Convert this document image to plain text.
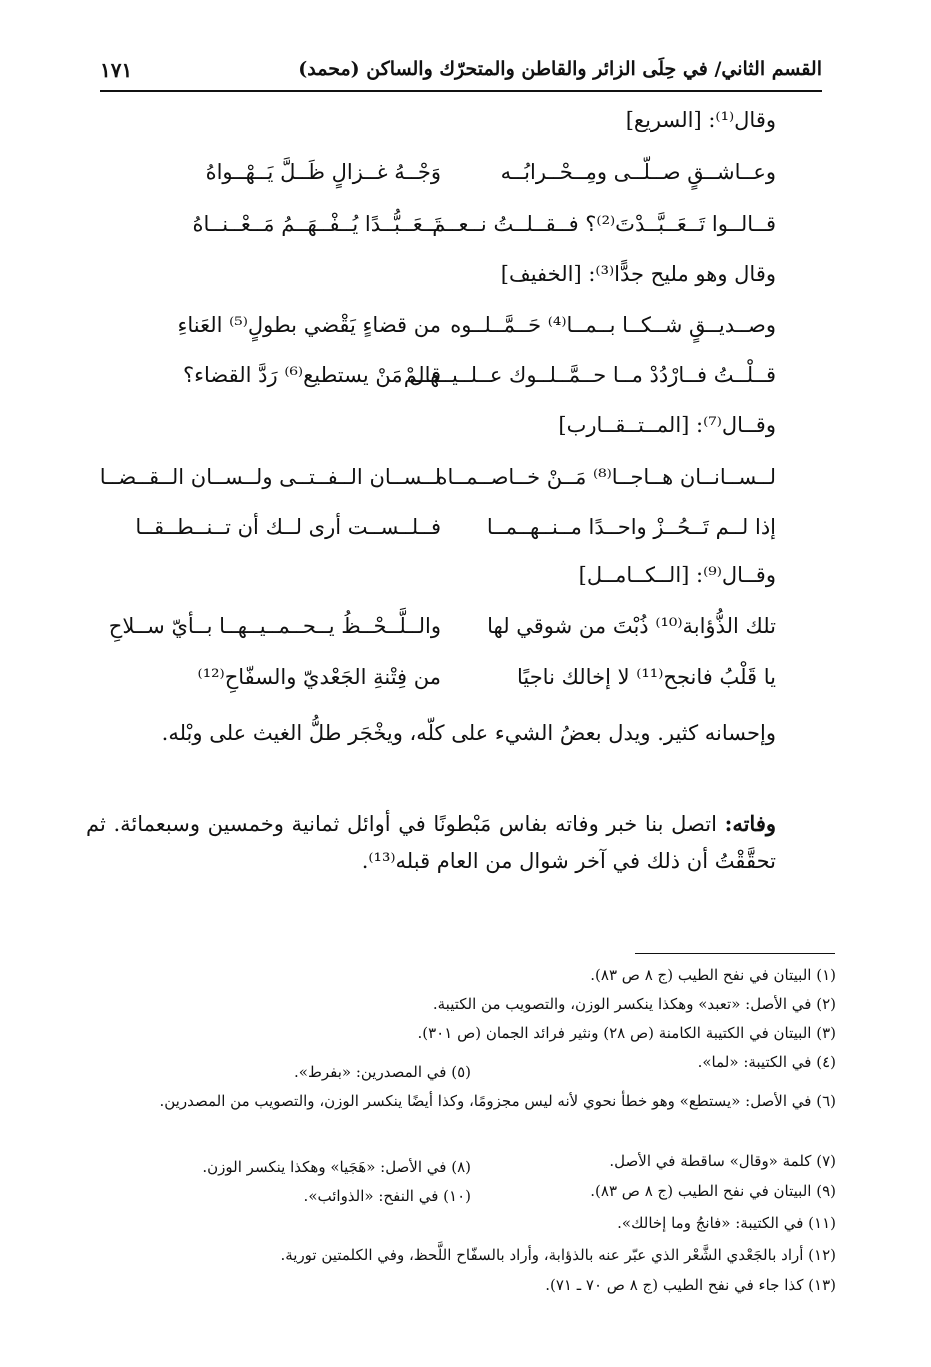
القسم الثاني/ في حِلَى الزائر والقاطن والمتحرّك والساكن (محمد)
١٧١
وقال⁽¹⁾: [السريع]
وعــاشــقٍ صــلّــى ومِــحْــرابُــه
وَجْــهُ غــزالٍ ظَــلَّ يَــهْــواهُ
قــالــوا تَــعَــبَّــدْتَ⁽²⁾؟ فــقــلــتُ نــعــم
تَــعَــبُّــدًا يُــفْــهَــمُ مَــعْــنــاهُ
وقال وهو مليح جدًّا⁽³⁾: [الخفيف]
وصــديــقٍ شــكــا بــمــا⁽⁴⁾ حَــمَّــلــوه
من قضاءٍ يَقْضي بطولٍ⁽⁵⁾ العَناءِ
قــلْــتُ فــارْدُدْ مــا حــمَّــلــوك عــلــيــهــمْ
قال مَنْ يستطيع⁽⁶⁾ رَدَّ القضاء؟
وقــال⁽⁷⁾: [المــتــقــارب]
لــســانــان هــاجــا⁽⁸⁾ مَــنْ خــاصــمــاه
لــســان الــفــتــى ولــســان الــقــضــا
إذا لــم تَــحُــزْ واحــدًا مــنــهــمــا
فــلــســت أرى لــك أن تــنــطــقــا
وقــال⁽⁹⁾: [الــكــامــل]
تلك الذُّؤابة⁽¹⁰⁾ ذُبْتَ من شوقي لها
والــلَّــحْــظُ يــحــمــيــهــا بــأيّ ســلاحِ
يا قَلْبُ فانجح⁽¹¹⁾ لا إخالك ناجيًا
من فِتْنةِ الجَعْديّ والسفّاحِ⁽¹²⁾
وإحسانه كثير. ويدل بعضُ الشيء على كلّه، ويخْجَر طلُّ الغيث على وبْله.
وفاته: اتصل بنا خبر وفاته بفاس مَبْطونًا في أوائل ثمانية وخمسين وسبعمائة. ثم تحقَّقْتُ أن ذلك في آخر شوال من العام قبله⁽¹³⁾.
(١) البيتان في نفح الطيب (ج ٨ ص ٨٣).
(٢) في الأصل: «تعبد» وهكذا ينكسر الوزن، والتصويب من الكتيبة.
(٣) البيتان في الكتيبة الكامنة (ص ٢٨) ونثير فرائد الجمان (ص ٣٠١).
(٤) في الكتيبة: «لما».
(٥) في المصدرين: «بفرط».
(٦) في الأصل: «يستطع» وهو خطأ نحوي لأنه ليس مجزومًا، وكذا أيضًا ينكسر الوزن، والتصويب من المصدرين.
(٧) كلمة «وقال» ساقطة في الأصل.
(٨) في الأصل: «هَجَيا» وهكذا ينكسر الوزن.
(٩) البيتان في نفح الطيب (ج ٨ ص ٨٣).
(١٠) في النفح: «الذوائب».
(١١) في الكتيبة: «فانجُ وما إخالك».
(١٢) أراد بالجَعْدي الشَّعْر الذي عبّر عنه بالذؤابة، وأراد بالسفّاح اللَّحظ، وفي الكلمتين تورية.
(١٣) كذا جاء في نفح الطيب (ج ٨ ص ٧٠ ـ ٧١).
